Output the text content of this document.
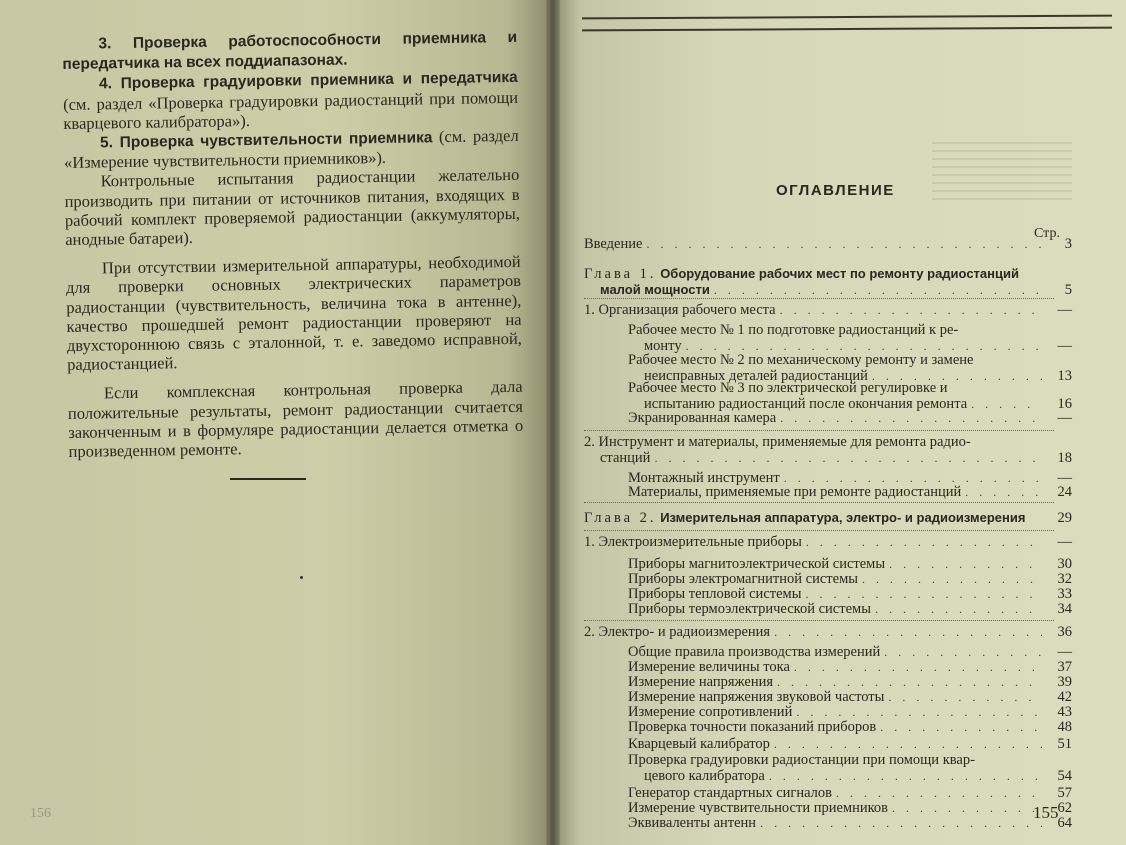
3. Проверка работоспособности приемника и передатчика на всех поддиапазонах.

4. Проверка градуировки приемника и передатчика (см. раздел «Проверка градуировки радиостанций при помощи кварцевого калибратора»).

5. Проверка чувствительности приемника (см. раздел «Измерение чувствительности приемников»).

Контрольные испытания радиостанции желательно производить при питании от источников питания, входящих в рабочий комплект проверяемой радиостанции (аккумуляторы, анодные батареи).

При отсутствии измерительной аппаратуры, необходимой для проверки основных электрических параметров радиостанции (чувствительность, величина тока в антенне), качество прошедшей ремонт радиостанции проверяют на двухстороннюю связь с эталонной, т. е. заведомо исправной, радиостанцией.

Если комплексная контрольная проверка дала положительные результаты, ремонт радиостанции считается законченным и в формуляре радиостанции делается отметка о произведенном ремонте.

156
ОГЛАВЛЕНИЕ
Стр.
Введение . . .	3
Глава 1. Оборудование рабочих мест по ремонту радиостанций
малой мощности . . .	5
1. Организация рабочего места . . .	—
Рабочее место № 1 по подготовке радиостанций к ре-
монту . . .	—
Рабочее место № 2 по механическому ремонту и замене
неисправных деталей радиостанций . . .	13
Рабочее место № 3 по электрической регулировке и
испытанию радиостанций после окончания ремонта . . .	16
Экранированная камера . . .	—
2. Инструмент и материалы, применяемые для ремонта радио-
станций . . .	18
Монтажный инструмент . . .	—
Материалы, применяемые при ремонте радиостанций . . .	24
Глава 2. Измерительная аппаратура, электро- и радиоизмерения	29
1. Электроизмерительные приборы . . .	—
Приборы магнитоэлектрической системы . . .	30
Приборы электромагнитной системы . . .	32
Приборы тепловой системы . . .	33
Приборы термоэлектрической системы . . .	34
2. Электро- и радиоизмерения . . .	36
Общие правила производства измерений . . .	—
Измерение величины тока . . .	37
Измерение напряжения . . .	39
Измерение напряжения звуковой частоты . . .	42
Измерение сопротивлений . . .	43
Проверка точности показаний приборов . . .	48
Кварцевый калибратор . . .	51
Проверка градуировки радиостанции при помощи квар-
цевого калибратора . . .	54
Генератор стандартных сигналов . . .	57
Измерение чувствительности приемников . . .	62
Эквиваленты антенн . . .	64
155
